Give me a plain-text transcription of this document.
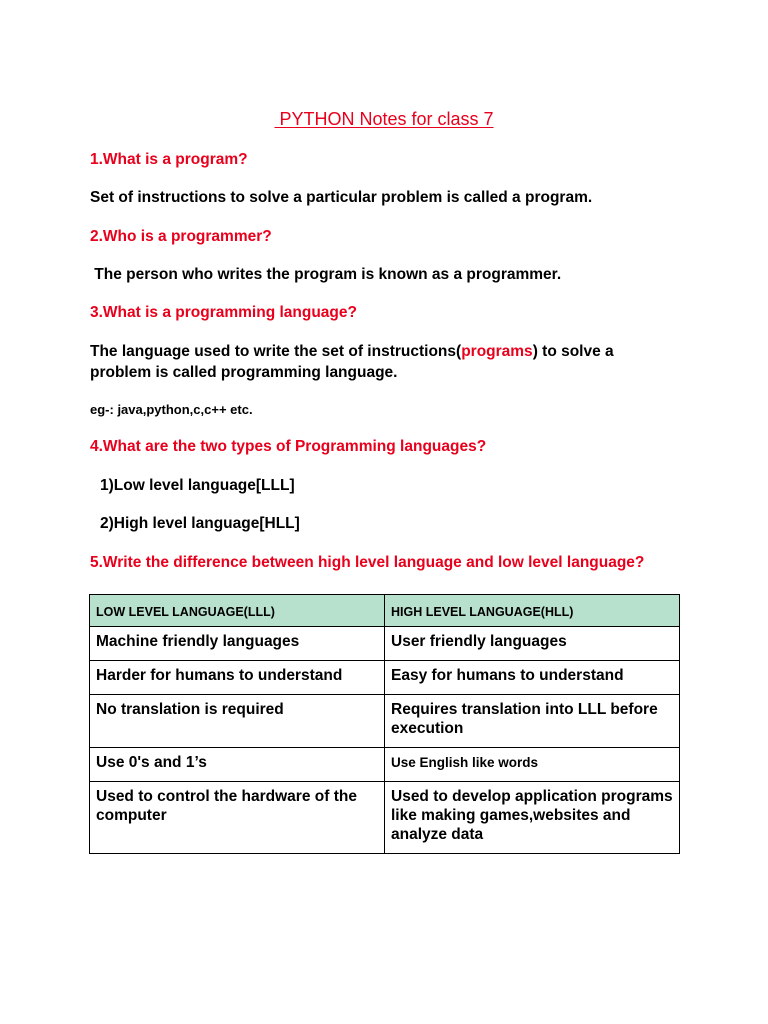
PYTHON Notes for class 7
1.What is a program?
Set of instructions to solve a particular problem is called a program.
2.Who is a programmer?
The person who writes the program is known as a programmer.
3.What is a programming language?
The language used to write the set of instructions(programs) to solve a
problem is called programming language.
eg-: java,python,c,c++ etc.
4.What are the two types of Programming languages?
1)Low level language[LLL]
2)High level language[HLL]
5.Write the difference between high level language and low level language?
LOW LEVEL LANGUAGE(LLL)	HIGH LEVEL LANGUAGE(HLL)
Machine friendly languages	User friendly languages
Harder for humans to understand	Easy for humans to understand
No translation is required	Requires translation into LLL before execution
Use 0's and 1’s	Use English like words
Used to control the hardware of the computer	Used to develop application programs like making games,websites and analyze data
